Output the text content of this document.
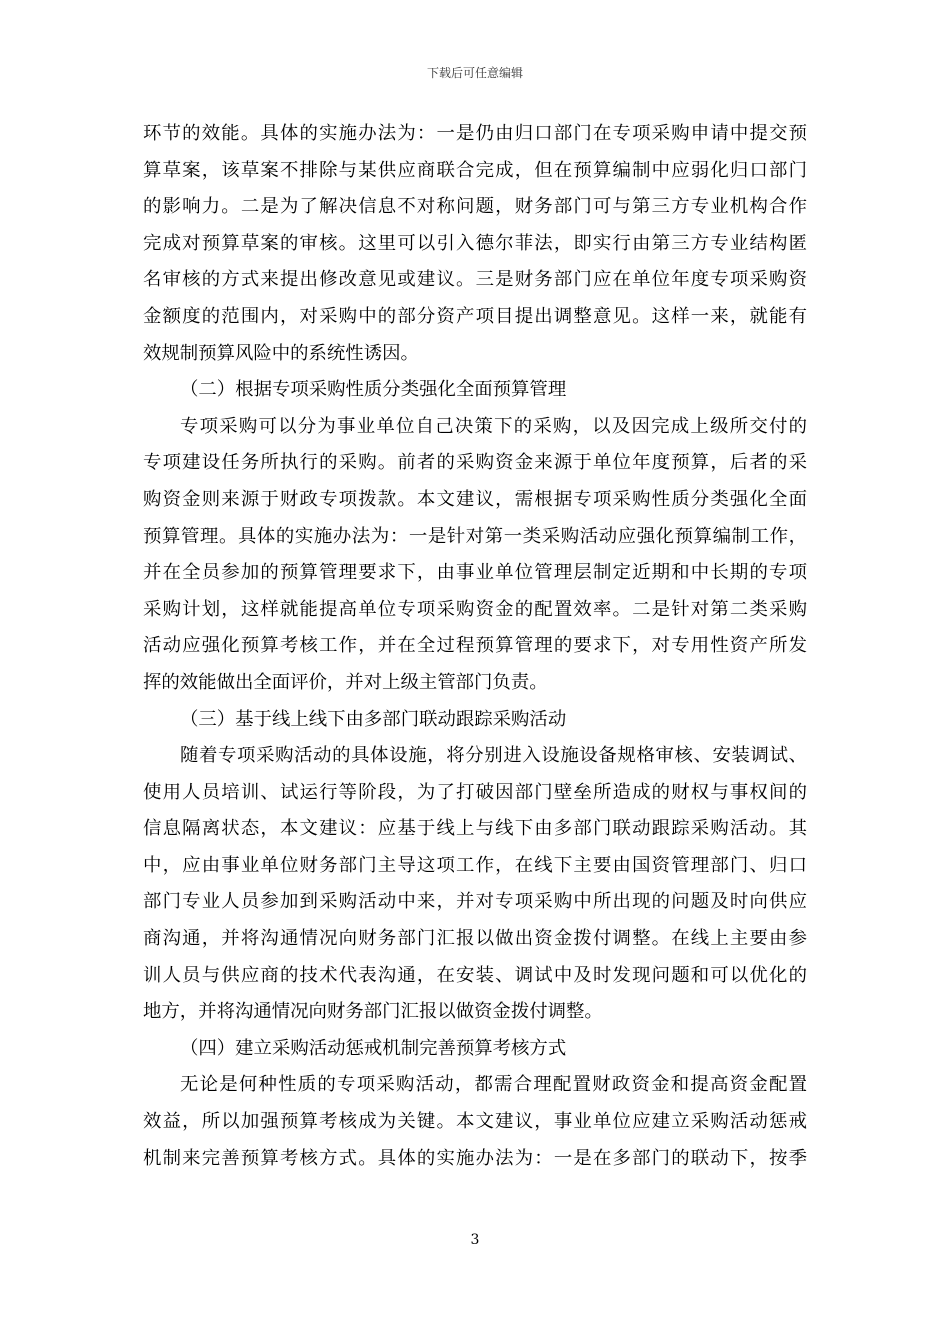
下载后可任意编辑
环节的效能。具体的实施办法为：一是仍由归口部门在专项采购申请中提交预
算草案，该草案不排除与某供应商联合完成，但在预算编制中应弱化归口部门
的影响力。二是为了解决信息不对称问题，财务部门可与第三方专业机构合作
完成对预算草案的审核。这里可以引入德尔菲法，即实行由第三方专业结构匿
名审核的方式来提出修改意见或建议。三是财务部门应在单位年度专项采购资
金额度的范围内，对采购中的部分资产项目提出调整意见。这样一来，就能有
效规制预算风险中的系统性诱因。
（二）根据专项采购性质分类强化全面预算管理
专项采购可以分为事业单位自己决策下的采购，以及因完成上级所交付的
专项建设任务所执行的采购。前者的采购资金来源于单位年度预算，后者的采
购资金则来源于财政专项拨款。本文建议，需根据专项采购性质分类强化全面
预算管理。具体的实施办法为：一是针对第一类采购活动应强化预算编制工作，
并在全员参加的预算管理要求下，由事业单位管理层制定近期和中长期的专项
采购计划，这样就能提高单位专项采购资金的配置效率。二是针对第二类采购
活动应强化预算考核工作，并在全过程预算管理的要求下，对专用性资产所发
挥的效能做出全面评价，并对上级主管部门负责。
（三）基于线上线下由多部门联动跟踪采购活动
随着专项采购活动的具体设施，将分别进入设施设备规格审核、安装调试、
使用人员培训、试运行等阶段，为了打破因部门壁垒所造成的财权与事权间的
信息隔离状态，本文建议：应基于线上与线下由多部门联动跟踪采购活动。其
中，应由事业单位财务部门主导这项工作，在线下主要由国资管理部门、归口
部门专业人员参加到采购活动中来，并对专项采购中所出现的问题及时向供应
商沟通，并将沟通情况向财务部门汇报以做出资金拨付调整。在线上主要由参
训人员与供应商的技术代表沟通，在安装、调试中及时发现问题和可以优化的
地方，并将沟通情况向财务部门汇报以做资金拨付调整。
（四）建立采购活动惩戒机制完善预算考核方式
无论是何种性质的专项采购活动，都需合理配置财政资金和提高资金配置
效益，所以加强预算考核成为关键。本文建议，事业单位应建立采购活动惩戒
机制来完善预算考核方式。具体的实施办法为：一是在多部门的联动下，按季
3
